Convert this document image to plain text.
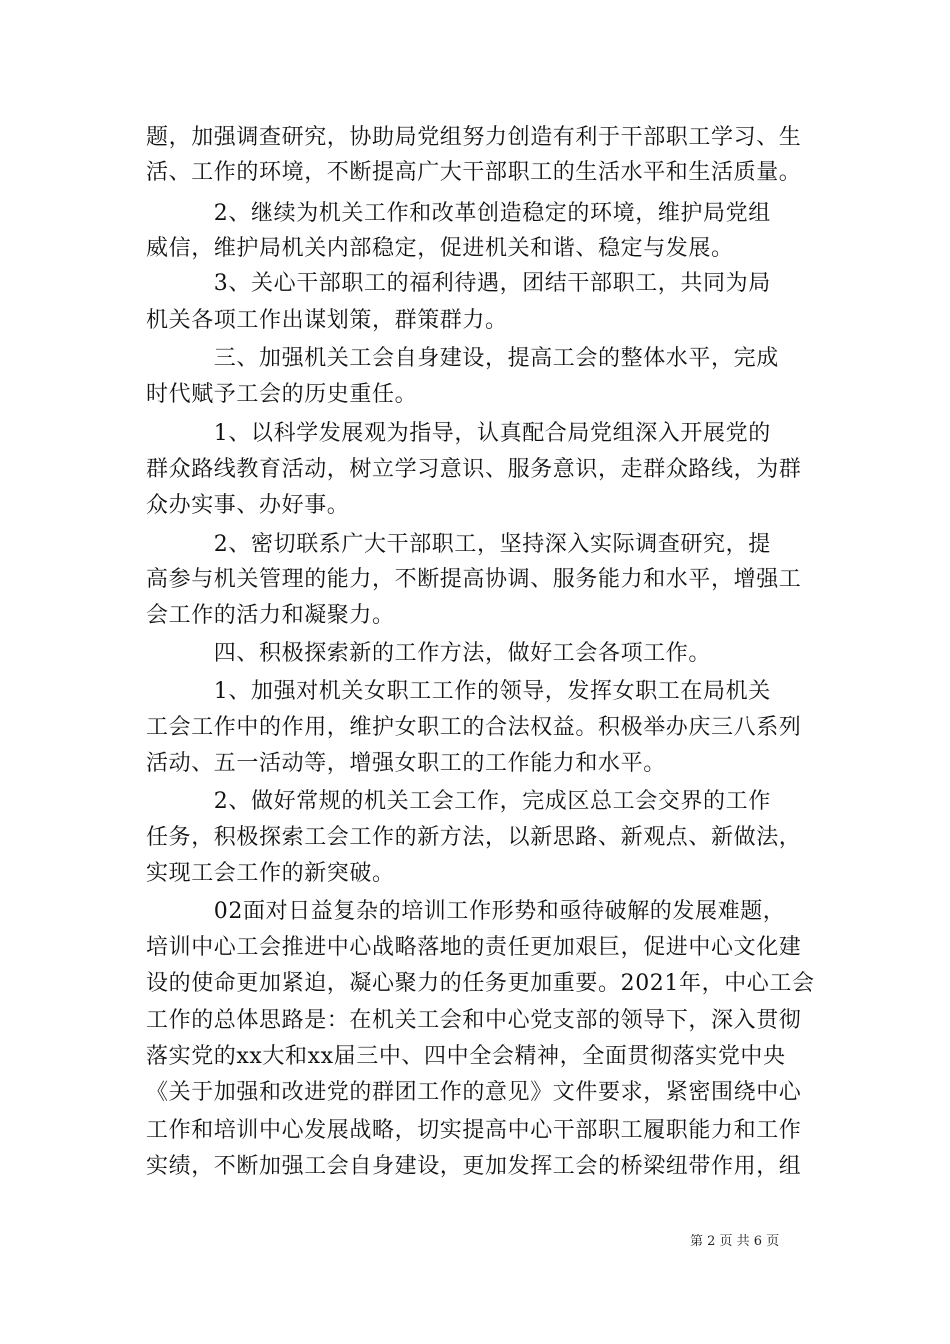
题，加强调查研究，协助局党组努力创造有利于干部职工学习、生
活、工作的环境，不断提高广大干部职工的生活水平和生活质量。
　　　2、继续为机关工作和改革创造稳定的环境，维护局党组
威信，维护局机关内部稳定，促进机关和谐、稳定与发展。
　　　3、关心干部职工的福利待遇，团结干部职工，共同为局
机关各项工作出谋划策，群策群力。
　　　三、加强机关工会自身建设，提高工会的整体水平，完成
时代赋予工会的历史重任。
　　　1、以科学发展观为指导，认真配合局党组深入开展党的
群众路线教育活动，树立学习意识、服务意识，走群众路线，为群
众办实事、办好事。
　　　2、密切联系广大干部职工，坚持深入实际调查研究，提
高参与机关管理的能力，不断提高协调、服务能力和水平，增强工
会工作的活力和凝聚力。
　　　四、积极探索新的工作方法，做好工会各项工作。
　　　1、加强对机关女职工工作的领导，发挥女职工在局机关
工会工作中的作用，维护女职工的合法权益。积极举办庆三八系列
活动、五一活动等，增强女职工的工作能力和水平。
　　　2、做好常规的机关工会工作，完成区总工会交界的工作
任务，积极探索工会工作的新方法，以新思路、新观点、新做法，
实现工会工作的新突破。
　　　02面对日益复杂的培训工作形势和亟待破解的发展难题，
培训中心工会推进中心战略落地的责任更加艰巨，促进中心文化建
设的使命更加紧迫，凝心聚力的任务更加重要。2021年，中心工会
工作的总体思路是：在机关工会和中心党支部的领导下，深入贯彻
落实党的xx大和xx届三中、四中全会精神，全面贯彻落实党中央
《关于加强和改进党的群团工作的意见》文件要求，紧密围绕中心
工作和培训中心发展战略，切实提高中心干部职工履职能力和工作
实绩，不断加强工会自身建设，更加发挥工会的桥梁纽带作用，组
第 2 页 共 6 页
